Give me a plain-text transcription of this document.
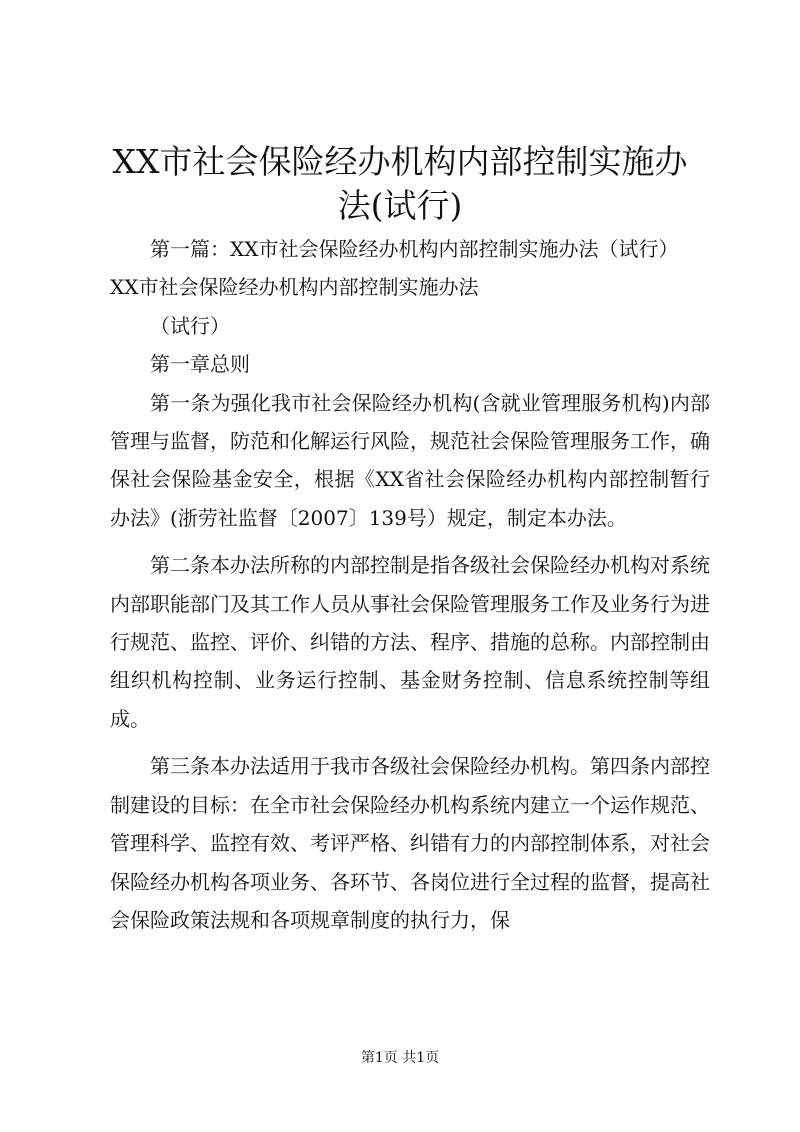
XX市社会保险经办机构内部控制实施办法(试行)

第一篇：XX市社会保险经办机构内部控制实施办法（试行）

XX市社会保险经办机构内部控制实施办法

（试行）

第一章总则

第一条为强化我市社会保险经办机构(含就业管理服务机构)内部管理与监督，防范和化解运行风险，规范社会保险管理服务工作，确保社会保险基金安全，根据《XX省社会保险经办机构内部控制暂行办法》(浙劳社监督〔2007〕139号）规定，制定本办法。

第二条本办法所称的内部控制是指各级社会保险经办机构对系统内部职能部门及其工作人员从事社会保险管理服务工作及业务行为进行规范、监控、评价、纠错的方法、程序、措施的总称。内部控制由组织机构控制、业务运行控制、基金财务控制、信息系统控制等组成。

第三条本办法适用于我市各级社会保险经办机构。第四条内部控制建设的目标：在全市社会保险经办机构系统内建立一个运作规范、管理科学、监控有效、考评严格、纠错有力的内部控制体系，对社会保险经办机构各项业务、各环节、各岗位进行全过程的监督，提高社会保险政策法规和各项规章制度的执行力，保

第1页 共1页
